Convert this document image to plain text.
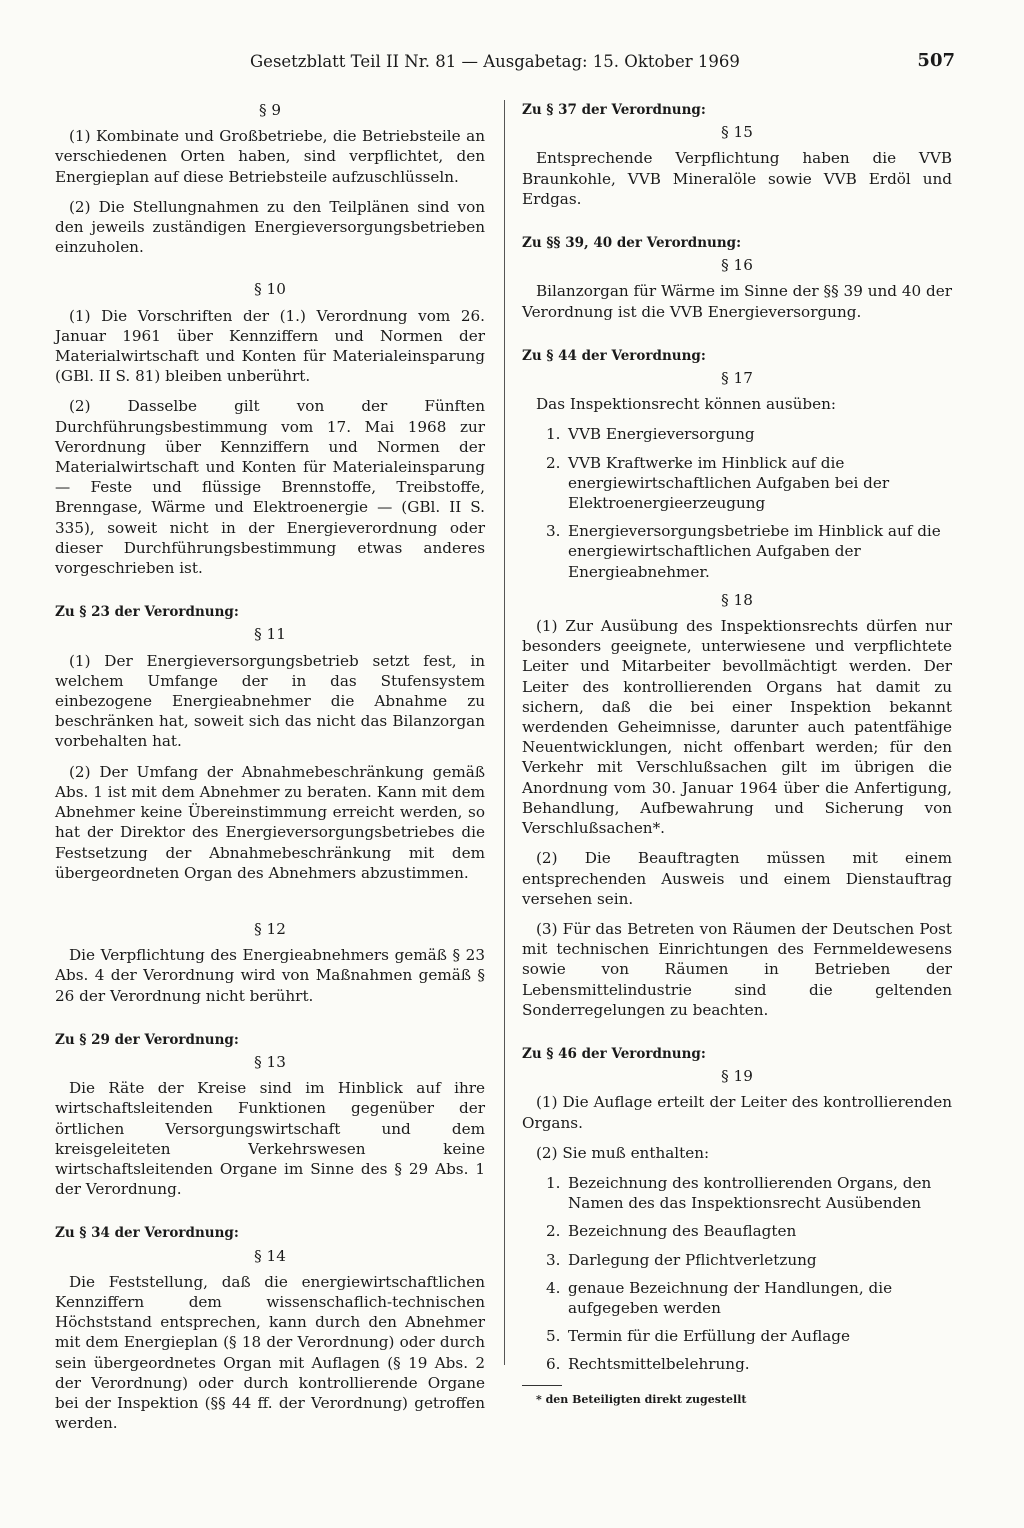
Gesetzblatt Teil II Nr. 81 — Ausgabetag: 15. Oktober 1969	507
§ 9
(1) Kombinate und Großbetriebe, die Betriebsteile an verschiedenen Orten haben, sind verpflichtet, den Energieplan auf diese Betriebsteile aufzuschlüsseln.
(2) Die Stellungnahmen zu den Teilplänen sind von den jeweils zuständigen Energieversorgungsbetrieben einzuholen.
§ 10
(1) Die Vorschriften der (1.) Verordnung vom 26. Januar 1961 über Kennziffern und Normen der Materialwirtschaft und Konten für Materialeinsparung (GBl. II S. 81) bleiben unberührt.
(2) Dasselbe gilt von der Fünften Durchführungsbestimmung vom 17. Mai 1968 zur Verordnung über Kennziffern und Normen der Materialwirtschaft und Konten für Materialeinsparung — Feste und flüssige Brennstoffe, Treibstoffe, Brenngase, Wärme und Elektroenergie — (GBl. II S. 335), soweit nicht in der Energieverordnung oder dieser Durchführungsbestimmung etwas anderes vorgeschrieben ist.
Zu § 23 der Verordnung:
§ 11
(1) Der Energieversorgungsbetrieb setzt fest, in welchem Umfange der in das Stufensystem einbezogene Energieabnehmer die Abnahme zu beschränken hat, soweit sich das nicht das Bilanzorgan vorbehalten hat.
(2) Der Umfang der Abnahmebeschränkung gemäß Abs. 1 ist mit dem Abnehmer zu beraten. Kann mit dem Abnehmer keine Übereinstimmung erreicht werden, so hat der Direktor des Energieversorgungsbetriebes die Festsetzung der Abnahmebeschränkung mit dem übergeordneten Organ des Abnehmers abzustimmen.
§ 12
Die Verpflichtung des Energieabnehmers gemäß § 23 Abs. 4 der Verordnung wird von Maßnahmen gemäß § 26 der Verordnung nicht berührt.
Zu § 29 der Verordnung:
§ 13
Die Räte der Kreise sind im Hinblick auf ihre wirtschaftsleitenden Funktionen gegenüber der örtlichen Versorgungswirtschaft und dem kreisgeleiteten Verkehrswesen keine wirtschaftsleitenden Organe im Sinne des § 29 Abs. 1 der Verordnung.
Zu § 34 der Verordnung:
§ 14
Die Feststellung, daß die energiewirtschaftlichen Kennziffern dem wissenschaflich-technischen Höchststand entsprechen, kann durch den Abnehmer mit dem Energieplan (§ 18 der Verordnung) oder durch sein übergeordnetes Organ mit Auflagen (§ 19 Abs. 2 der Verordnung) oder durch kontrollierende Organe bei der Inspektion (§§ 44 ff. der Verordnung) getroffen werden.
Zu § 37 der Verordnung:
§ 15
Entsprechende Verpflichtung haben die VVB Braunkohle, VVB Mineralöle sowie VVB Erdöl und Erdgas.
Zu §§ 39, 40 der Verordnung:
§ 16
Bilanzorgan für Wärme im Sinne der §§ 39 und 40 der Verordnung ist die VVB Energieversorgung.
Zu § 44 der Verordnung:
§ 17
Das Inspektionsrecht können ausüben:
1. VVB Energieversorgung
2. VVB Kraftwerke im Hinblick auf die energiewirtschaftlichen Aufgaben bei der Elektroenergieerzeugung
3. Energieversorgungsbetriebe im Hinblick auf die energiewirtschaftlichen Aufgaben der Energieabnehmer.
§ 18
(1) Zur Ausübung des Inspektionsrechts dürfen nur besonders geeignete, unterwiesene und verpflichtete Leiter und Mitarbeiter bevollmächtigt werden. Der Leiter des kontrollierenden Organs hat damit zu sichern, daß die bei einer Inspektion bekannt werdenden Geheimnisse, darunter auch patentfähige Neuentwicklungen, nicht offenbart werden; für den Verkehr mit Verschlußsachen gilt im übrigen die Anordnung vom 30. Januar 1964 über die Anfertigung, Behandlung, Aufbewahrung und Sicherung von Verschlußsachen*.
(2) Die Beauftragten müssen mit einem entsprechenden Ausweis und einem Dienstauftrag versehen sein.
(3) Für das Betreten von Räumen der Deutschen Post mit technischen Einrichtungen des Fernmeldewesens sowie von Räumen in Betrieben der Lebensmittelindustrie sind die geltenden Sonderregelungen zu beachten.
Zu § 46 der Verordnung:
§ 19
(1) Die Auflage erteilt der Leiter des kontrollierenden Organs.
(2) Sie muß enthalten:
1. Bezeichnung des kontrollierenden Organs, den Namen des das Inspektionsrecht Ausübenden
2. Bezeichnung des Beauflagten
3. Darlegung der Pflichtverletzung
4. genaue Bezeichnung der Handlungen, die aufgegeben werden
5. Termin für die Erfüllung der Auflage
6. Rechtsmittelbelehrung.
* den Beteiligten direkt zugestellt
